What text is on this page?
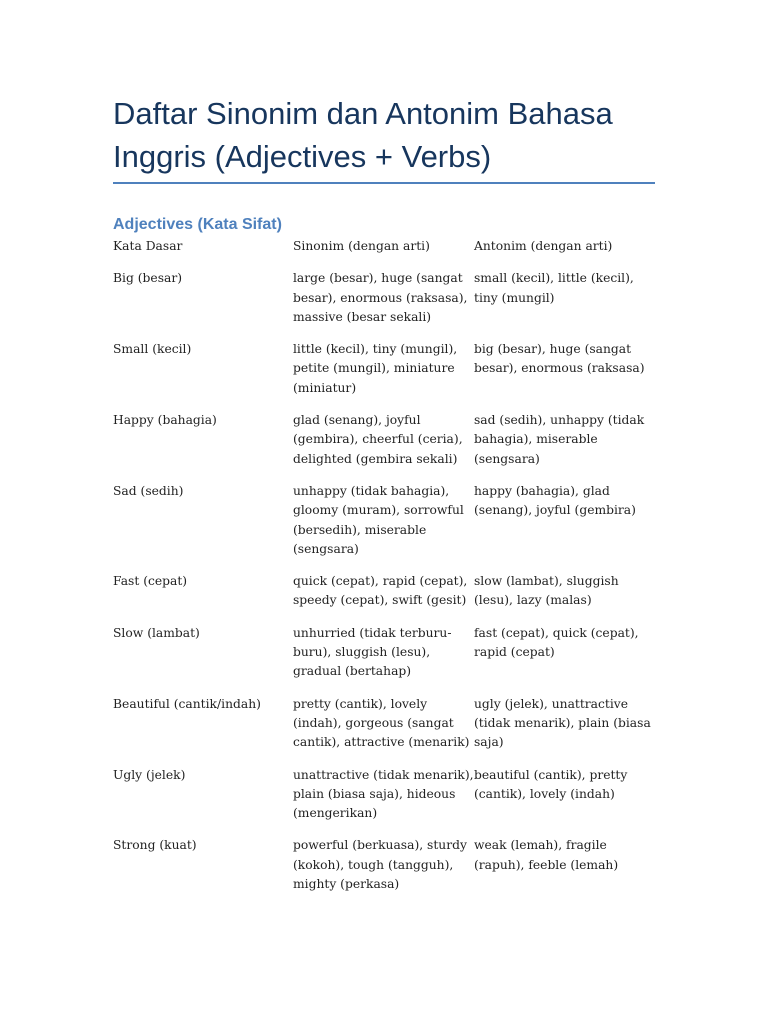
Daftar Sinonim dan Antonim Bahasa Inggris (Adjectives + Verbs)
Adjectives (Kata Sifat)
Kata Dasar	Sinonim (dengan arti)	Antonim (dengan arti)
Big (besar)	large (besar), huge (sangat besar), enormous (raksasa), massive (besar sekali)	small (kecil), little (kecil), tiny (mungil)
Small (kecil)	little (kecil), tiny (mungil), petite (mungil), miniature (miniatur)	big (besar), huge (sangat besar), enormous (raksasa)
Happy (bahagia)	glad (senang), joyful (gembira), cheerful (ceria), delighted (gembira sekali)	sad (sedih), unhappy (tidak bahagia), miserable (sengsara)
Sad (sedih)	unhappy (tidak bahagia), gloomy (muram), sorrowful (bersedih), miserable (sengsara)	happy (bahagia), glad (senang), joyful (gembira)
Fast (cepat)	quick (cepat), rapid (cepat), speedy (cepat), swift (gesit)	slow (lambat), sluggish (lesu), lazy (malas)
Slow (lambat)	unhurried (tidak terburu-buru), sluggish (lesu), gradual (bertahap)	fast (cepat), quick (cepat), rapid (cepat)
Beautiful (cantik/indah)	pretty (cantik), lovely (indah), gorgeous (sangat cantik), attractive (menarik)	ugly (jelek), unattractive (tidak menarik), plain (biasa saja)
Ugly (jelek)	unattractive (tidak menarik), plain (biasa saja), hideous (mengerikan)	beautiful (cantik), pretty (cantik), lovely (indah)
Strong (kuat)	powerful (berkuasa), sturdy (kokoh), tough (tangguh), mighty (perkasa)	weak (lemah), fragile (rapuh), feeble (lemah)
